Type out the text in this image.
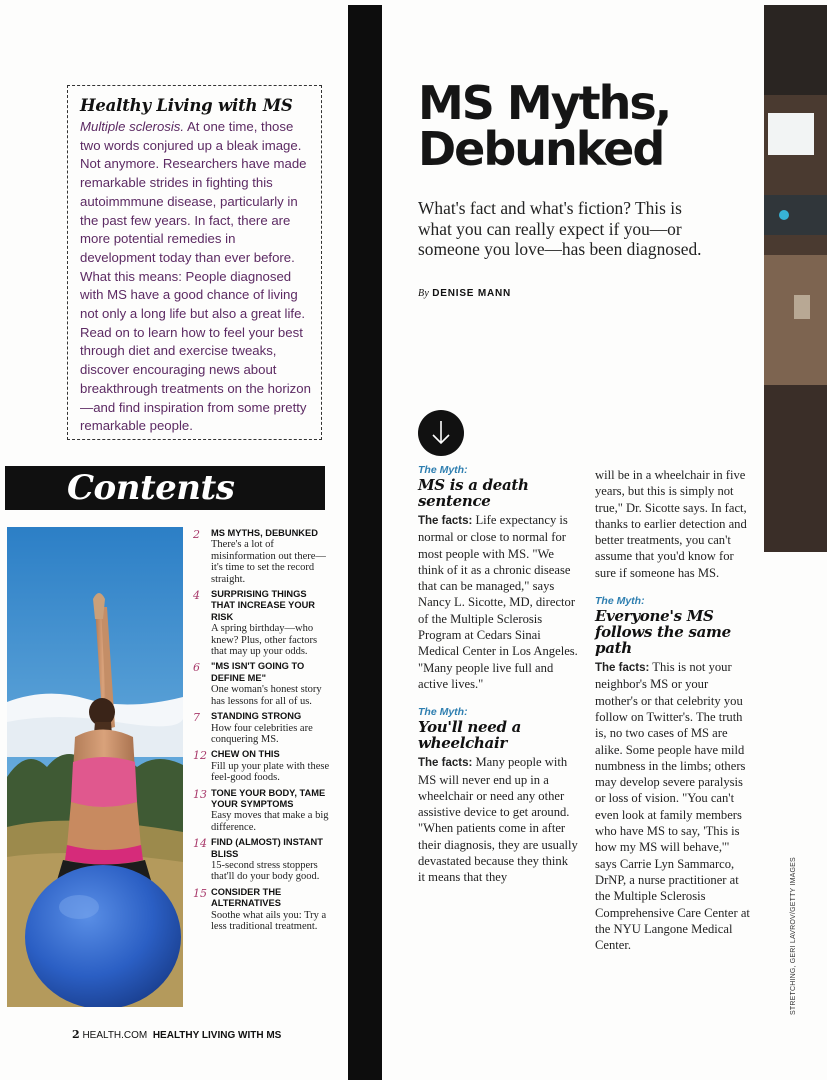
Healthy Living with MS

Multiple sclerosis. At one time, those two words conjured up a bleak image. Not anymore. Researchers have made remarkable strides in fighting this autoimmmune disease, particularly in the past few years. In fact, there are more potential remedies in development today than ever before. What this means: People diagnosed with MS have a good chance of living not only a long life but also a great life. Read on to learn how to feel your best through diet and exercise tweaks, discover encouraging news about breakthrough treatments on the horizon—and find inspiration from some pretty remarkable people.

Contents
2 MS MYTHS, DEBUNKED
There's a lot of misinformation out there—it's time to set the record straight.
4 SURPRISING THINGS THAT INCREASE YOUR RISK
A spring birthday—who knew? Plus, other factors that may up your odds.
6 "MS ISN'T GOING TO DEFINE ME"
One woman's honest story has lessons for all of us.
7 STANDING STRONG
How four celebrities are conquering MS.
12 CHEW ON THIS
Fill up your plate with these feel-good foods.
13 TONE YOUR BODY, TAME YOUR SYMPTOMS
Easy moves that make a big difference.
14 FIND (ALMOST) INSTANT BLISS
15-second stress stoppers that'll do your body good.
15 CONSIDER THE ALTERNATIVES
Soothe what ails you: Try a less traditional treatment.
2 HEALTH.COM HEALTHY LIVING WITH MS
MS Myths,
Debunked
What's fact and what's fiction? This is what you can really expect if you—or someone you love—has been diagnosed.
By DENISE MANN

The Myth:

MS is a death sentence

The facts: Life expectancy is normal or close to normal for most people with MS. "We think of it as a chronic disease that can be managed," says Nancy L. Sicotte, MD, director of the Multiple Sclerosis Program at Cedars Sinai Medical Center in Los Angeles. "Many people live full and active lives."

The Myth:

You'll need a wheelchair

The facts: Many people with MS will never end up in a wheelchair or need any other assistive device to get around. "When patients come in after their diagnosis, they are usually devastated because they think it means that they

will be in a wheelchair in five years, but this is simply not true," Dr. Sicotte says. In fact, thanks to earlier detection and better treatments, you can't assume that you'd know for sure if someone has MS.

The Myth:

Everyone's MS follows the same path

The facts: This is not your neighbor's MS or your mother's or that celebrity you follow on Twitter's. The truth is, no two cases of MS are alike. Some people have mild numbness in the limbs; others may develop severe paralysis or loss of vision. "You can't even look at family members who have MS to say, 'This is how my MS will behave,'" says Carrie Lyn Sammarco, DrNP, a nurse practitioner at the Multiple Sclerosis Comprehensive Care Center at the NYU Langone Medical Center.	STRETCHING, GERI LAVROV/GETTY IMAGES
